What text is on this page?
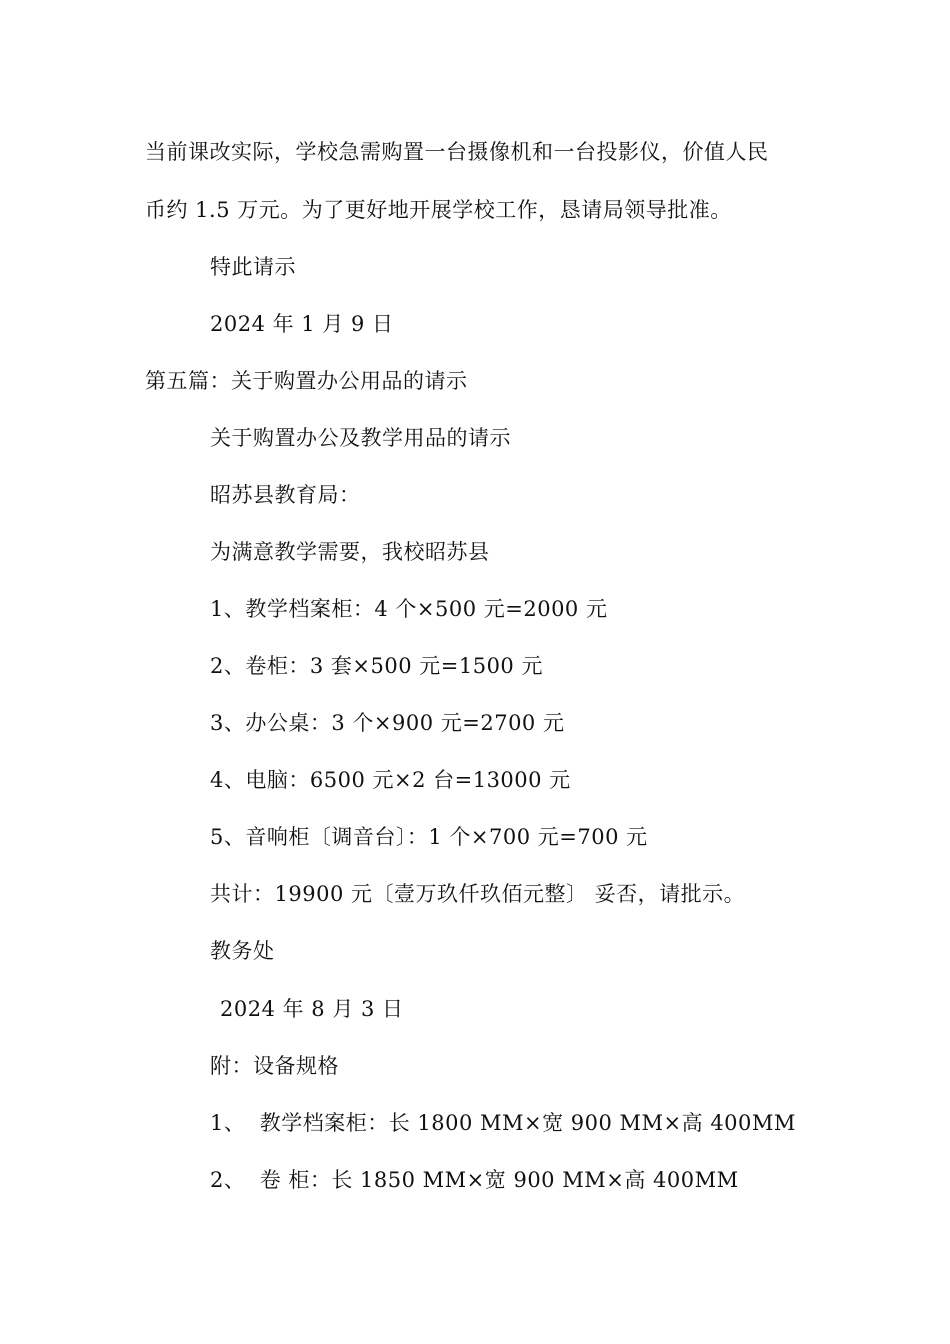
当前课改实际，学校急需购置一台摄像机和一台投影仪，价值人民
币约 1.5 万元。为了更好地开展学校工作，恳请局领导批准。
特此请示
2024 年 1 月 9 日
第五篇：关于购置办公用品的请示
关于购置办公及教学用品的请示
昭苏县教育局：
为满意教学需要，我校昭苏县
1、教学档案柜：4 个×500 元=2000 元
2、卷柜：3 套×500 元=1500 元
3、办公桌：3 个×900 元=2700 元
4、电脑：6500 元×2 台=13000 元
5、音响柜〔调音台〕：1 个×700 元=700 元
共计：19900 元〔壹万玖仟玖佰元整〕 妥否，请批示。
教务处
2024 年 8 月 3 日
附：设备规格
1、  教学档案柜：长 1800 MM×宽 900 MM×高 400MM
2、  卷 柜：长 1850 MM×宽 900 MM×高 400MM
